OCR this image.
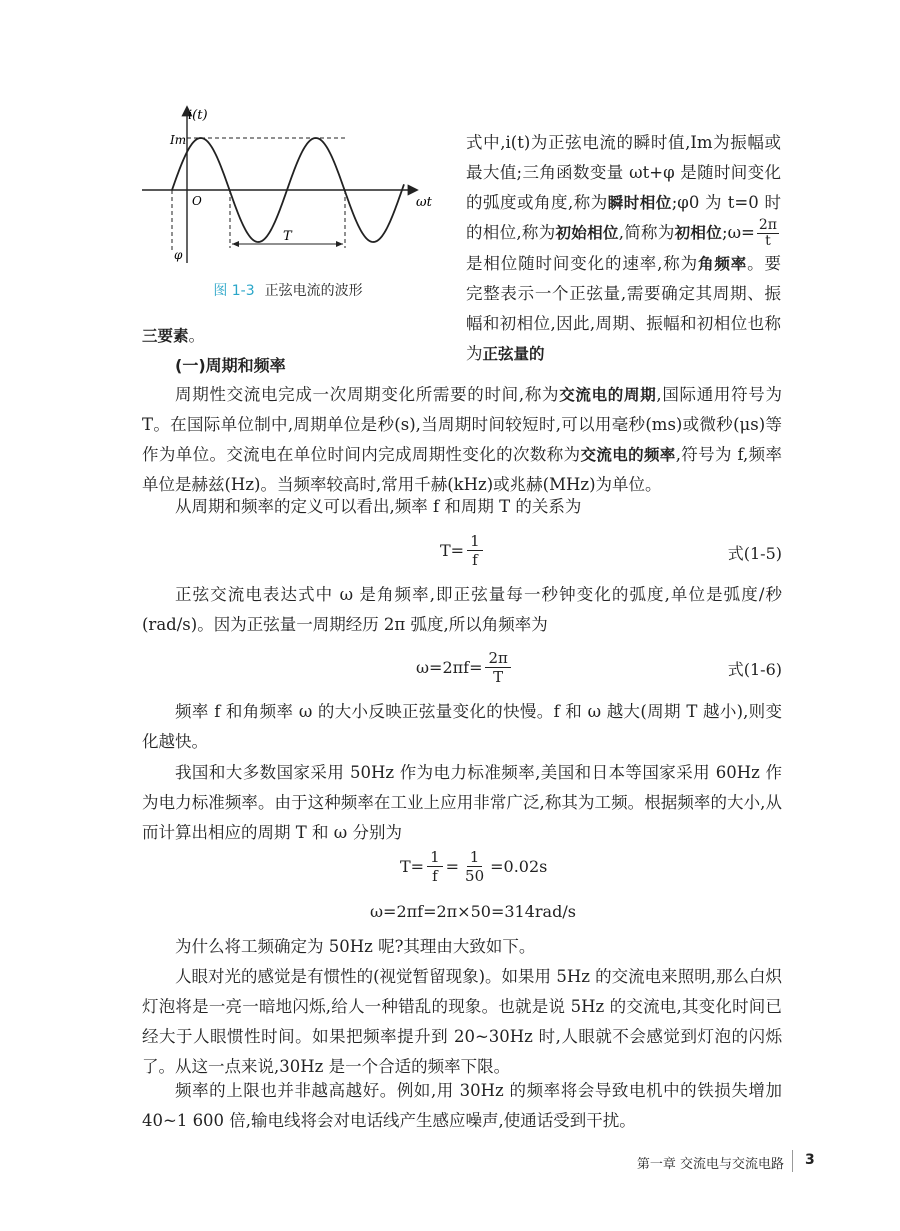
i(t)
Im
O	ωt
φ
T
图 1-3 正弦电流的波形

式中,i(t)为正弦电流的瞬时值,Im为振幅或最大值;三角函数变量 ωt+φ 是随时间变化的弧度或角度,称为瞬时相位;φ0 为 t=0 时的相位,称为初始相位,简称为初相位;ω= $\frac{2\pi}{t}$
是相位随时间变化的速率,称为角频率。要完整表示一个正弦量,需要确定其周期、振幅和初相位,因此,周期、振幅和初相位也称为正弦量的

三要素。

(一)周期和频率

周期性交流电完成一次周期变化所需要的时间,称为交流电的周期,国际通用符号为 T。在国际单位制中,周期单位是秒(s),当周期时间较短时,可以用毫秒(ms)或微秒(μs)等作为单位。交流电在单位时间内完成周期性变化的次数称为交流电的频率,符号为 f,频率单位是赫兹(Hz)。当频率较高时,常用千赫(kHz)或兆赫(MHz)为单位。

从周期和频率的定义可以看出,频率 f 和周期 T 的关系为

$T= \frac{1}{f}$	式(1-5)

正弦交流电表达式中 ω 是角频率,即正弦量每一秒钟变化的弧度,单位是弧度/秒(rad/s)。因为正弦量一周期经历 2π 弧度,所以角频率为

$\omega=2\pi f= \frac{2\pi}{T}$	式(1-6)

频率 f 和角频率 ω 的大小反映正弦量变化的快慢。f 和 ω 越大(周期 T 越小),则变化越快。

我国和大多数国家采用 50Hz 作为电力标准频率,美国和日本等国家采用 60Hz 作为电力标准频率。由于这种频率在工业上应用非常广泛,称其为工频。根据频率的大小,从而计算出相应的周期 T 和 ω 分别为

$T= \frac{1}{f} = \frac{1}{50} =0.02s$
ω=2πf=2π×50=314rad/s

为什么将工频确定为 50Hz 呢?其理由大致如下。

人眼对光的感觉是有惯性的(视觉暂留现象)。如果用 5Hz 的交流电来照明,那么白炽灯泡将是一亮一暗地闪烁,给人一种错乱的现象。也就是说 5Hz 的交流电,其变化时间已经大于人眼惯性时间。如果把频率提升到 20~30Hz 时,人眼就不会感觉到灯泡的闪烁了。从这一点来说,30Hz 是一个合适的频率下限。

频率的上限也并非越高越好。例如,用 30Hz 的频率将会导致电机中的铁损失增加 40~1 600 倍,输电线将会对电话线产生感应噪声,使通话受到干扰。

第一章 交流电与交流电路 3
